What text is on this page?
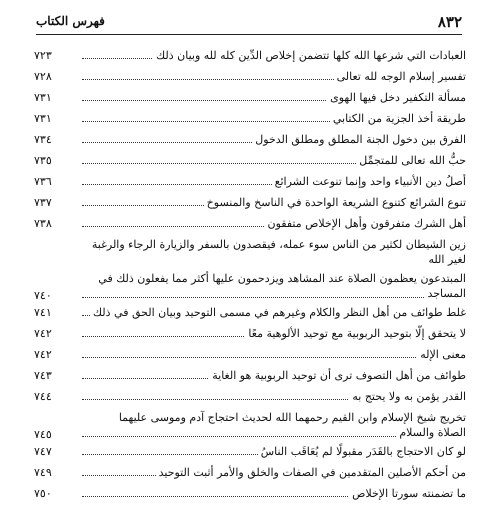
٨٣٢
فهرس الكتاب
العبادات التي شرعها الله كلها تتضمن إخلاص الدِّين كله لله وبيان ذلك
٧٢٣
تفسير إسلام الوجه لله تعالى
٧٢٨
مسألة التكفير دخل فيها الهوى
٧٣١
طريقة أخذ الجزية من الكتابي
٧٣١
الفرق بين دخول الجنة المطلق ومطلق الدخول
٧٣٤
حبُّ الله تعالى للمتجمِّل
٧٣٥
أصلُ دين الأنبياء واحد وإنما تنوعت الشرائع
٧٣٦
تنوع الشرائع كتنوع الشريعة الواحدة في الناسخ والمنسوخ
٧٣٧
أهل الشرك متفرقون وأهل الإخلاص متفقون
٧٣٨
زين الشيطان لكثير من الناس سوء عمله، فيقصدون بالسفر والزيارة الرجاء والرغبة
لغير الله
المبتدعون يعظمون الصلاة عند المشاهد ويزدحمون عليها أكثر مما يفعلون ذلك في
المساجد
٧٤٠
غلط طوائف من أهل النظر والكلام وغيرهم في مسمى التوحيد وبيان الحق في ذلك
٧٤١
لا يتحقق إلّا بتوحيد الربوبية مع توحيد الألوهية معًا
٧٤٢
معنى الإله
٧٤٢
طوائف من أهل التصوف ترى أن توحيد الربوبية هو الغاية
٧٤٣
القدر يؤمن به ولا يحتج به
٧٤٤
تخريج شيخ الإسلام وابن القيم رحمهما الله لحديث احتجاج آدم وموسى عليهما
الصلاة والسلام
٧٤٥
لو كان الاحتجاج بالقَدَر مقبولًا لم يُعَاقَب الناسُ
٧٤٧
من أحكم الأصلين المتقدمين في الصفات والخلق والأمر أثبت التوحيد
٧٤٩
ما تضمنته سورتا الإخلاص
٧٥٠
